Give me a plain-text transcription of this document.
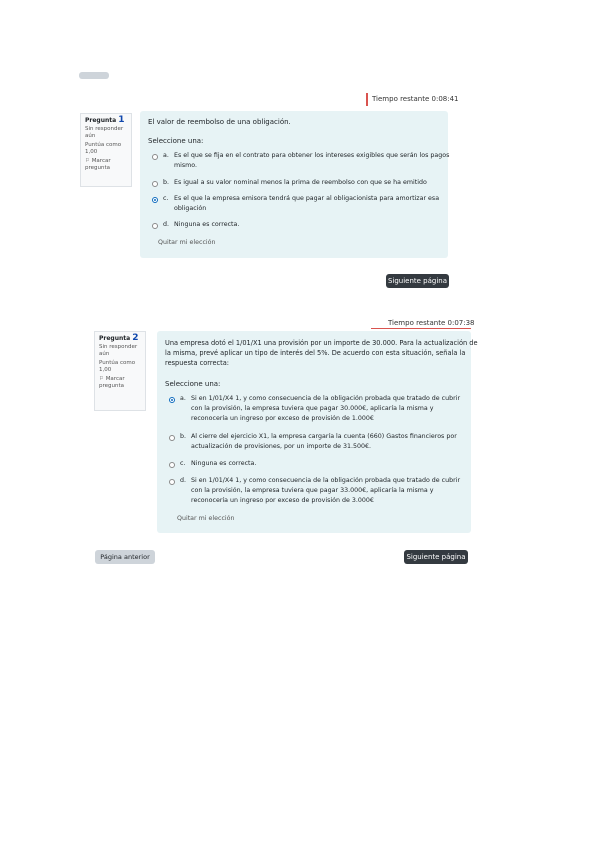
Tiempo restante 0:08:41
Pregunta 1
Sin responder aún
Puntúa como 1,00
⚐ Marcar pregunta
El valor de reembolso de una obligación.
Seleccione una:
a. Es el que se fija en el contrato para obtener los intereses exigibles que serán los pagos
mismo.
b. Es igual a su valor nominal menos la prima de reembolso con que se ha emitido
c. Es el que la empresa emisora tendrá que pagar al obligacionista para amortizar esa
obligación
d. Ninguna es correcta.
Quitar mi elección
Siguiente página
Tiempo restante 0:07:38
Pregunta 2
Sin responder aún
Puntúa como 1,00
⚐ Marcar pregunta
Una empresa dotó el 1/01/X1 una provisión por un importe de 30.000. Para la actualización de
la misma, prevé aplicar un tipo de interés del 5%. De acuerdo con esta situación, señala la
respuesta correcta:
Seleccione una:
a. Si en 1/01/X4 1, y como consecuencia de la obligación probada que tratado de cubrir
con la provisión, la empresa tuviera que pagar 30.000€, aplicaría la misma y
reconocería un ingreso por exceso de provisión de 1.000€
b. Al cierre del ejercicio X1, la empresa cargaría la cuenta (660) Gastos financieros por
actualización de provisiones, por un importe de 31.500€.
c. Ninguna es correcta.
d. Si en 1/01/X4 1, y como consecuencia de la obligación probada que tratado de cubrir
con la provisión, la empresa tuviera que pagar 33.000€, aplicaría la misma y
reconocería un ingreso por exceso de provisión de 3.000€
Quitar mi elección
Página anterior	Siguiente página
